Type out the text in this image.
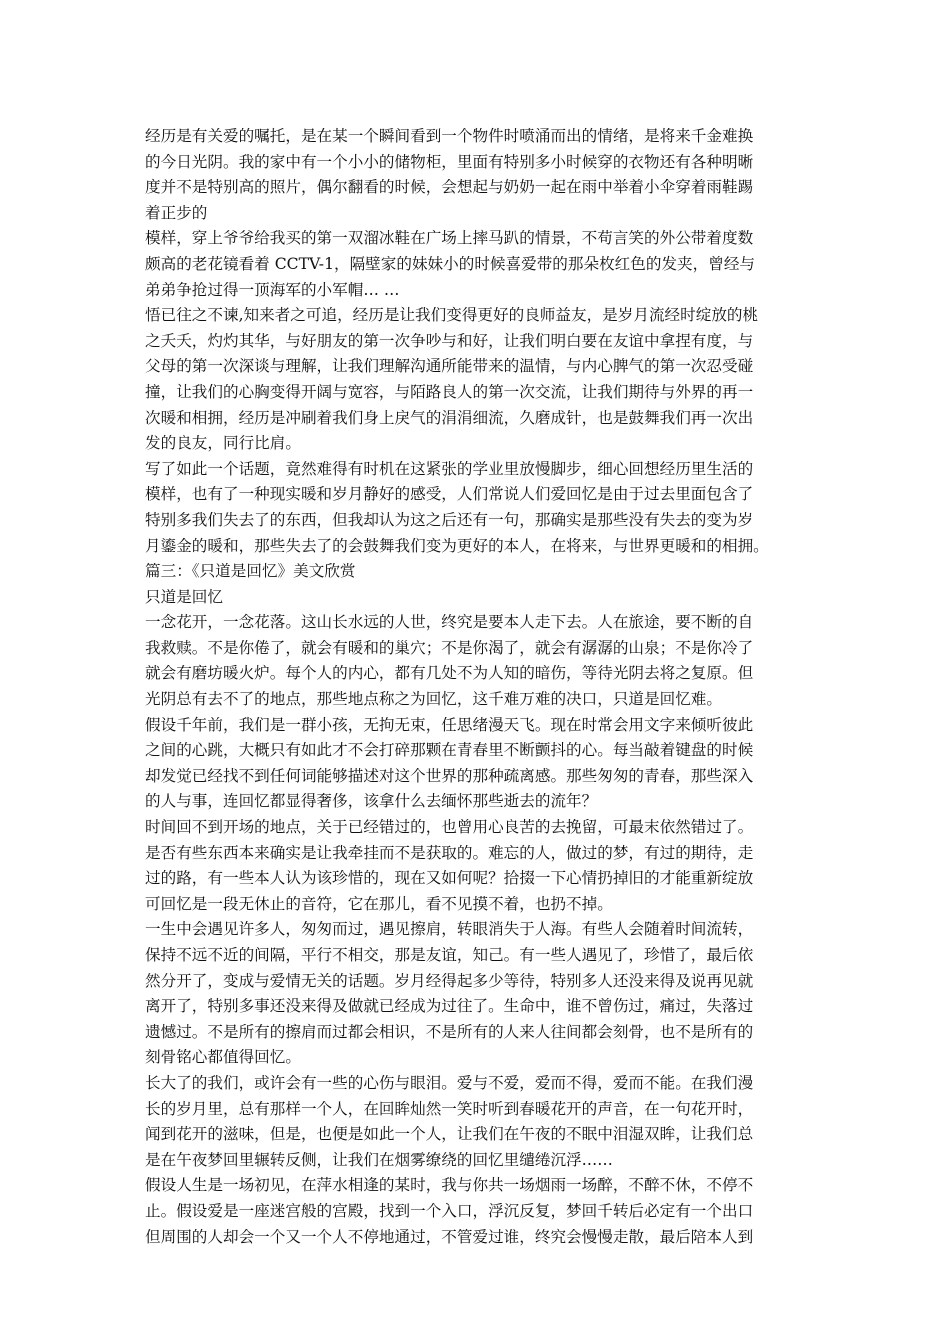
经历是有关爱的嘱托，是在某一个瞬间看到一个物件时喷涌而出的情绪，是将来千金难换
的今日光阴。我的家中有一个小小的储物柜，里面有特别多小时候穿的衣物还有各种明晰
度并不是特别高的照片，偶尔翻看的时候，会想起与奶奶一起在雨中举着小伞穿着雨鞋踢
着正步的

模样，穿上爷爷给我买的第一双溜冰鞋在广场上摔马趴的情景，不苟言笑的外公带着度数
颇高的老花镜看着 CCTV-1，隔壁家的妹妹小的时候喜爱带的那朵枚红色的发夹，曾经与
弟弟争抢过得一顶海军的小军帽… …

悟已往之不谏,知来者之可追，经历是让我们变得更好的良师益友，是岁月流经时绽放的桃
之夭夭，灼灼其华，与好朋友的第一次争吵与和好，让我们明白要在友谊中拿捏有度，与
父母的第一次深谈与理解，让我们理解沟通所能带来的温情，与内心脾气的第一次忍受碰
撞，让我们的心胸变得开阔与宽容，与陌路良人的第一次交流，让我们期待与外界的再一
次暖和相拥，经历是冲刷着我们身上戾气的涓涓细流，久磨成针，也是鼓舞我们再一次出
发的良友，同行比肩。

写了如此一个话题，竟然难得有时机在这紧张的学业里放慢脚步，细心回想经历里生活的
模样，也有了一种现实暖和岁月静好的感受，人们常说人们爱回忆是由于过去里面包含了
特别多我们失去了的东西，但我却认为这之后还有一句，那确实是那些没有失去的变为岁
月鎏金的暖和，那些失去了的会鼓舞我们变为更好的本人，在将来，与世界更暖和的相拥。

篇三：《只道是回忆》美文欣赏

只道是回忆

一念花开，一念花落。这山长水远的人世，终究是要本人走下去。人在旅途，要不断的自
我救赎。不是你倦了，就会有暖和的巢穴；不是你渴了，就会有潺潺的山泉；不是你冷了
就会有磨坊暖火炉。每个人的内心，都有几处不为人知的暗伤，等待光阴去将之复原。但
光阴总有去不了的地点，那些地点称之为回忆，这千难万难的决口，只道是回忆难。

假设千年前，我们是一群小孩，无拘无束，任思绪漫天飞。现在时常会用文字来倾听彼此
之间的心跳，大概只有如此才不会打碎那颗在青春里不断颤抖的心。每当敲着键盘的时候
却发觉已经找不到任何词能够描述对这个世界的那种疏离感。那些匆匆的青春，那些深入
的人与事，连回忆都显得奢侈，该拿什么去缅怀那些逝去的流年？

时间回不到开场的地点，关于已经错过的，也曾用心良苦的去挽留，可最末依然错过了。
是否有些东西本来确实是让我牵挂而不是获取的。难忘的人，做过的梦，有过的期待，走
过的路，有一些本人认为该珍惜的，现在又如何呢？拾掇一下心情扔掉旧的才能重新绽放
可回忆是一段无休止的音符，它在那儿，看不见摸不着，也扔不掉。

一生中会遇见许多人，匆匆而过，遇见擦肩，转眼消失于人海。有些人会随着时间流转，
保持不远不近的间隔，平行不相交，那是友谊，知己。有一些人遇见了，珍惜了，最后依
然分开了，变成与爱情无关的话题。岁月经得起多少等待，特别多人还没来得及说再见就
离开了，特别多事还没来得及做就已经成为过往了。生命中，谁不曾伤过，痛过，失落过
遗憾过。不是所有的擦肩而过都会相识，不是所有的人来人往间都会刻骨，也不是所有的
刻骨铭心都值得回忆。

长大了的我们，或许会有一些的心伤与眼泪。爱与不爱，爱而不得，爱而不能。在我们漫
长的岁月里，总有那样一个人，在回眸灿然一笑时听到春暖花开的声音，在一句花开时，
闻到花开的滋味，但是，也便是如此一个人，让我们在午夜的不眠中泪湿双眸，让我们总
是在午夜梦回里辗转反侧，让我们在烟雾缭绕的回忆里缱绻沉浮……

假设人生是一场初见，在萍水相逢的某时，我与你共一场烟雨一场醉，不醉不休，不停不
止。假设爱是一座迷宫般的宫殿，找到一个入口，浮沉反复，梦回千转后必定有一个出口
但周围的人却会一个又一个人不停地通过，不管爱过谁，终究会慢慢走散，最后陪本人到
